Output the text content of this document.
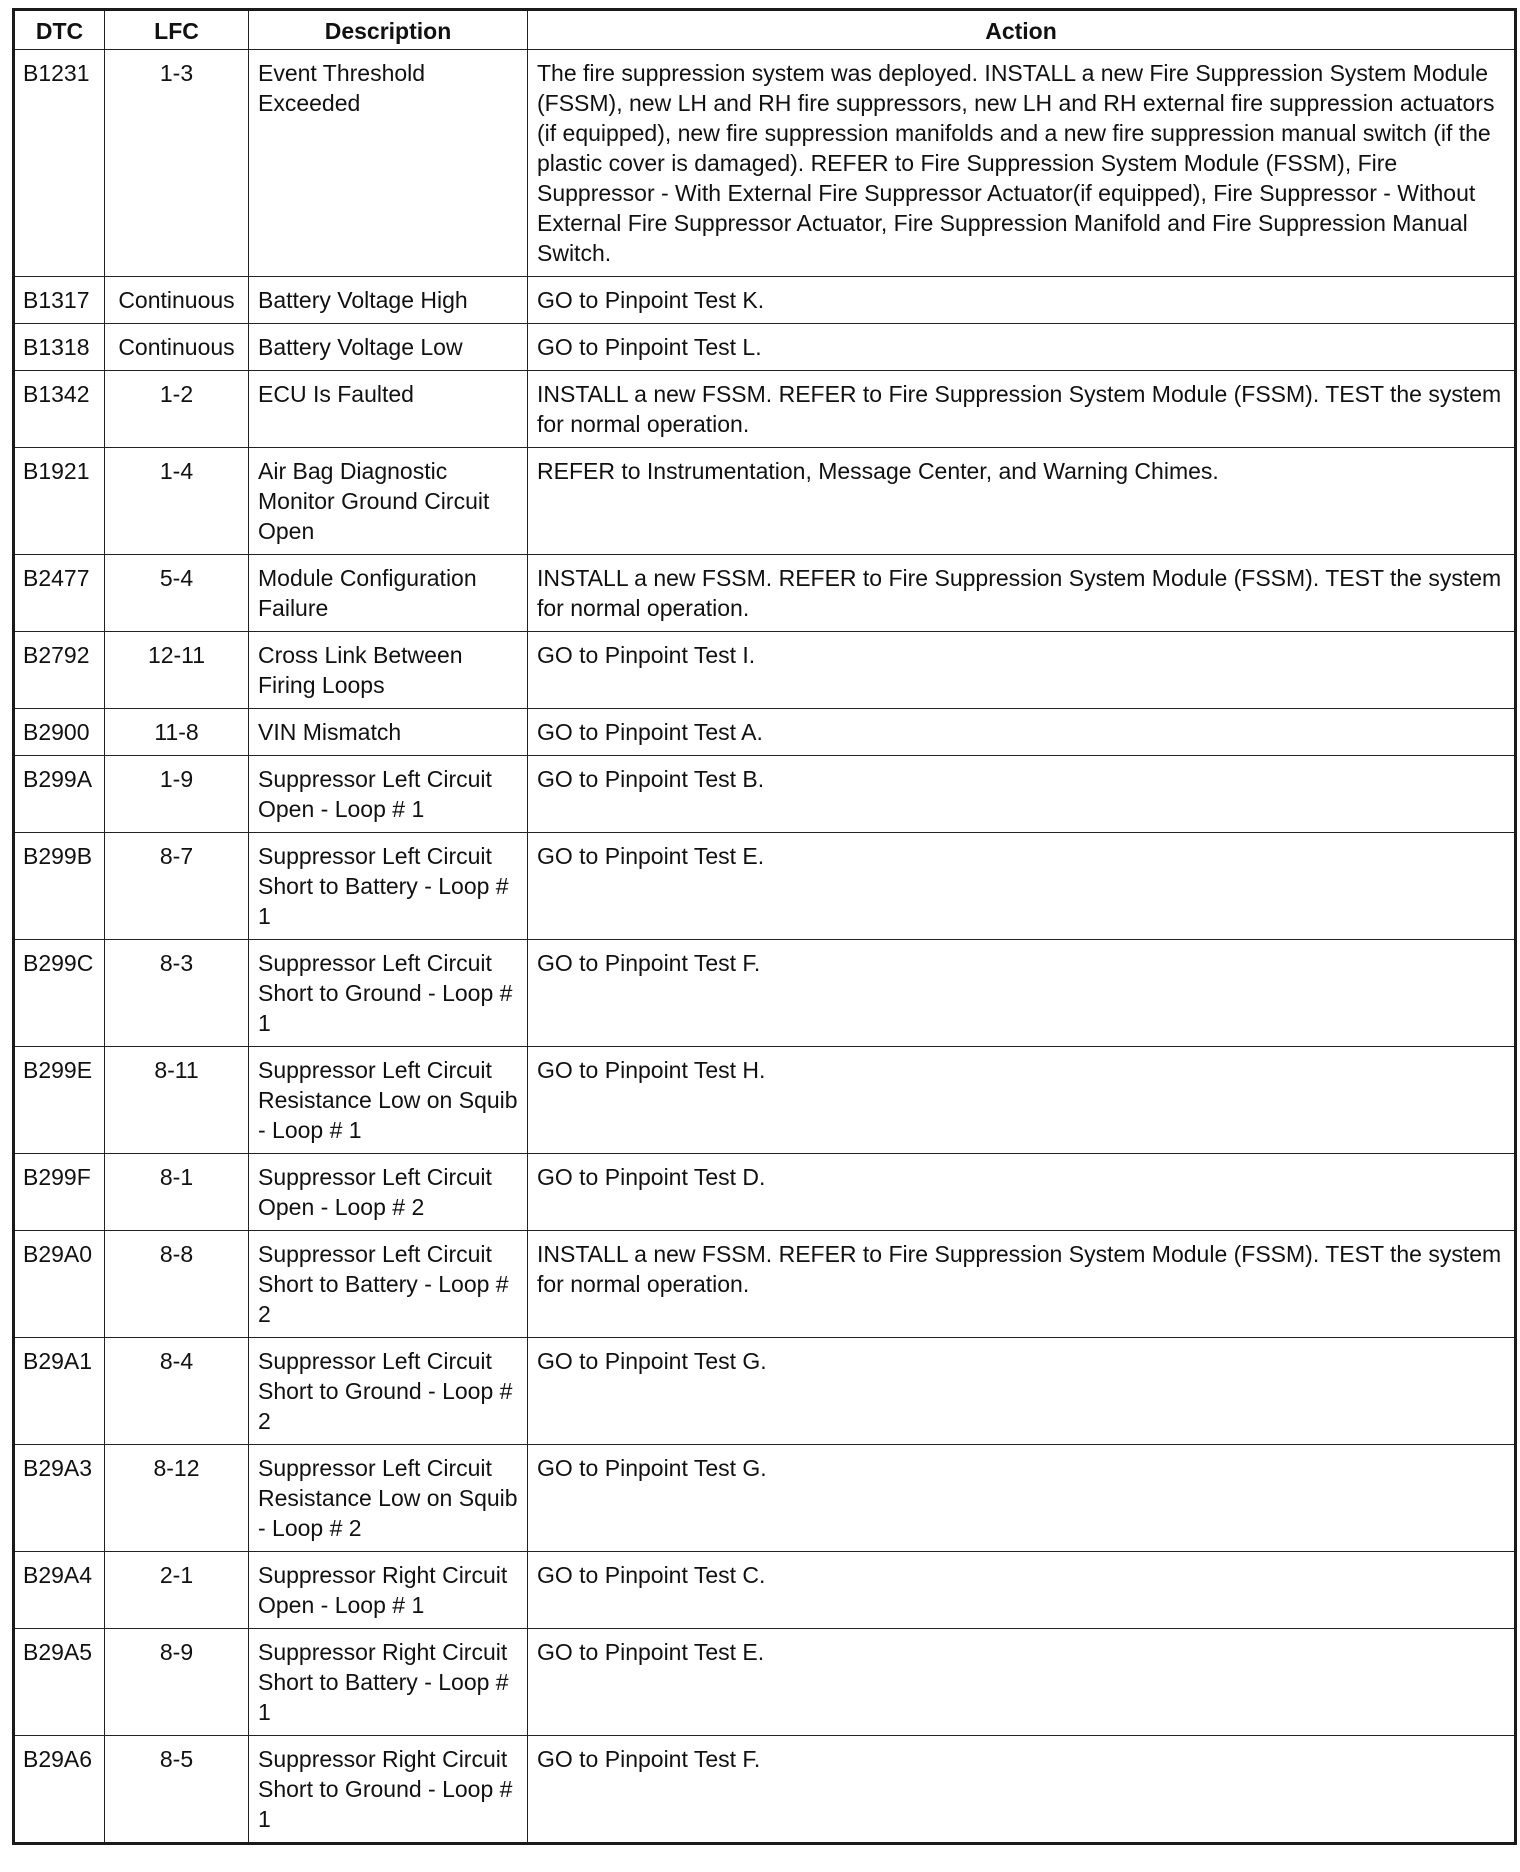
DTC	LFC	Description	Action
B1231	1-3	Event Threshold Exceeded	The fire suppression system was deployed. INSTALL a new Fire Suppression System Module (FSSM), new LH and RH fire suppressors, new LH and RH external fire suppression actuators (if equipped), new fire suppression manifolds and a new fire suppression manual switch (if the plastic cover is damaged). REFER to Fire Suppression System Module (FSSM), Fire Suppressor - With External Fire Suppressor Actuator(if equipped), Fire Suppressor - Without External Fire Suppressor Actuator, Fire Suppression Manifold and Fire Suppression Manual Switch.
B1317	Continuous	Battery Voltage High	GO to Pinpoint Test K.
B1318	Continuous	Battery Voltage Low	GO to Pinpoint Test L.
B1342	1-2	ECU Is Faulted	INSTALL a new FSSM. REFER to Fire Suppression System Module (FSSM). TEST the system for normal operation.
B1921	1-4	Air Bag Diagnostic Monitor Ground Circuit Open	REFER to Instrumentation, Message Center, and Warning Chimes.
B2477	5-4	Module Configuration Failure	INSTALL a new FSSM. REFER to Fire Suppression System Module (FSSM). TEST the system for normal operation.
B2792	12-11	Cross Link Between Firing Loops	GO to Pinpoint Test I.
B2900	11-8	VIN Mismatch	GO to Pinpoint Test A.
B299A	1-9	Suppressor Left Circuit Open - Loop # 1	GO to Pinpoint Test B.
B299B	8-7	Suppressor Left Circuit Short to Battery - Loop # 1	GO to Pinpoint Test E.
B299C	8-3	Suppressor Left Circuit Short to Ground - Loop # 1	GO to Pinpoint Test F.
B299E	8-11	Suppressor Left Circuit Resistance Low on Squib - Loop # 1	GO to Pinpoint Test H.
B299F	8-1	Suppressor Left Circuit Open - Loop # 2	GO to Pinpoint Test D.
B29A0	8-8	Suppressor Left Circuit Short to Battery - Loop # 2	INSTALL a new FSSM. REFER to Fire Suppression System Module (FSSM). TEST the system for normal operation.
B29A1	8-4	Suppressor Left Circuit Short to Ground - Loop # 2	GO to Pinpoint Test G.
B29A3	8-12	Suppressor Left Circuit Resistance Low on Squib - Loop # 2	GO to Pinpoint Test G.
B29A4	2-1	Suppressor Right Circuit Open - Loop # 1	GO to Pinpoint Test C.
B29A5	8-9	Suppressor Right Circuit Short to Battery - Loop # 1	GO to Pinpoint Test E.
B29A6	8-5	Suppressor Right Circuit Short to Ground - Loop # 1	GO to Pinpoint Test F.
